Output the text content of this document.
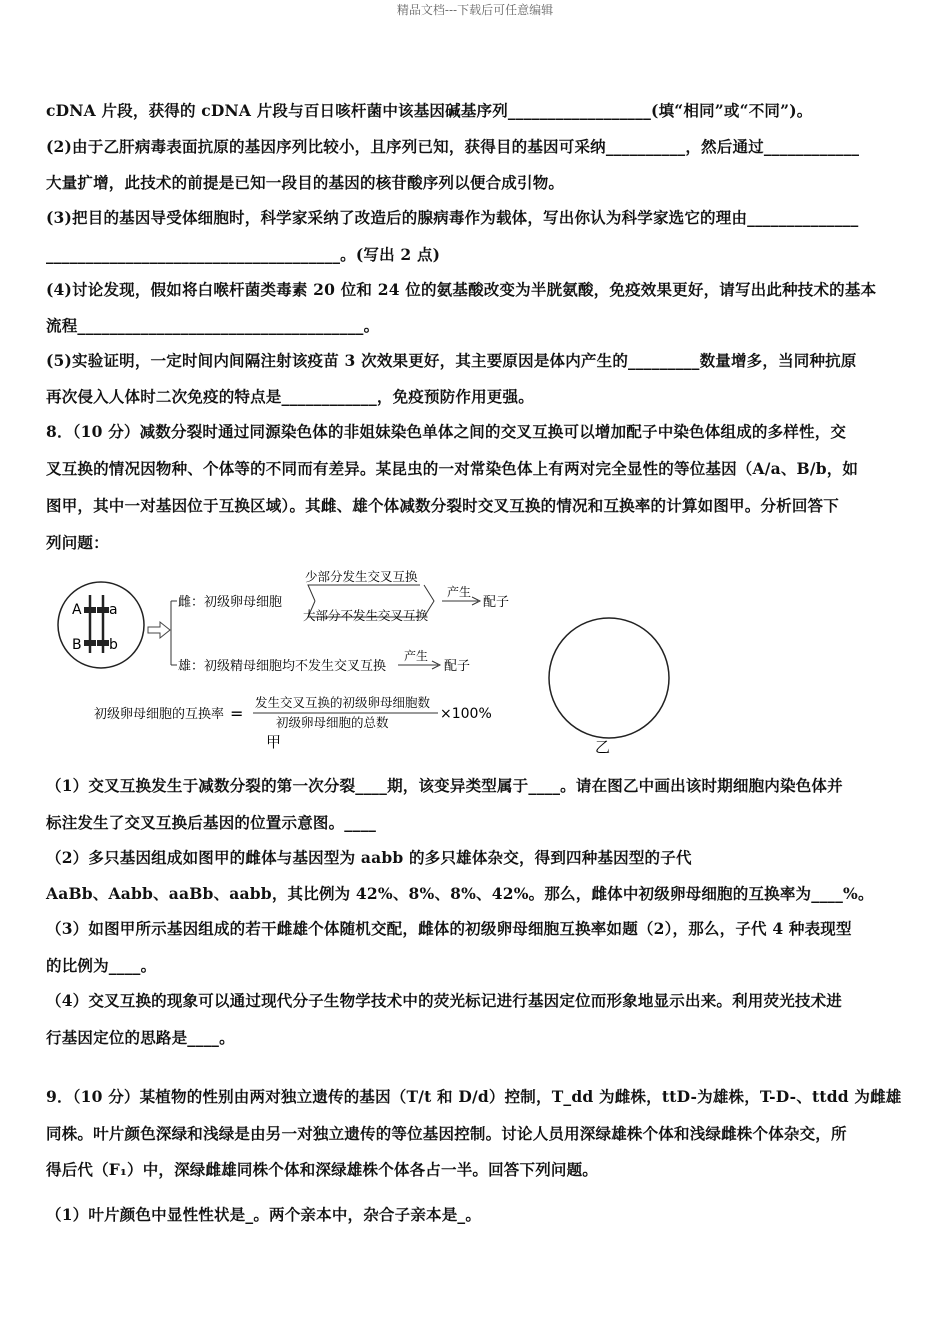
精品文档---下载后可任意编辑
cDNA 片段，获得的 cDNA 片段与百日咳杆菌中该基因碱基序列__________________(填“相同”或“不同”)。
(2)由于乙肝病毒表面抗原的基因序列比较小，且序列已知，获得目的基因可采纳__________，然后通过____________
大量扩增，此技术的前提是已知一段目的基因的核苷酸序列以便合成引物。
(3)把目的基因导受体细胞时，科学家采纳了改造后的腺病毒作为载体，写出你认为科学家选它的理由______________
_____________________________________。(写出 2 点)
(4)讨论发现，假如将白喉杆菌类毒素 20 位和 24 位的氨基酸改变为半胱氨酸，免疫效果更好，请写出此种技术的基本
流程____________________________________。
(5)实验证明，一定时间内间隔注射该疫苗 3 次效果更好，其主要原因是体内产生的_________数量增多，当同种抗原
再次侵入人体时二次免疫的特点是____________，免疫预防作用更强。
8．（10 分）减数分裂时通过同源染色体的非姐妹染色单体之间的交叉互换可以增加配子中染色体组成的多样性，交
叉互换的情况因物种、个体等的不同而有差异。某昆虫的一对常染色体上有两对完全显性的等位基因（A/a、B/b，如
图甲，其中一对基因位于互换区域）。其雌、雄个体减数分裂时交叉互换的情况和互换率的计算如图甲。分析回答下
列问题：
A a
B b
雌：初级卵母细胞
少部分发生交叉互换
大部分不发生交叉互换
产生
配子
雄：初级精母细胞均不发生交叉互换
产生
配子
初级卵母细胞的互换率 =
发生交叉互换的初级卵母细胞数
初级卵母细胞的总数
×100%
甲	乙
（1）交叉互换发生于减数分裂的第一次分裂____期，该变异类型属于____。请在图乙中画出该时期细胞内染色体并
标注发生了交叉互换后基因的位置示意图。____
（2）多只基因组成如图甲的雌体与基因型为 aabb 的多只雄体杂交，得到四种基因型的子代
AaBb、Aabb、aaBb、aabb，其比例为 42%、8%、8%、42%。那么，雌体中初级卵母细胞的互换率为____%。
（3）如图甲所示基因组成的若干雌雄个体随机交配，雌体的初级卵母细胞互换率如题（2），那么，子代 4 种表现型
的比例为____。
（4）交叉互换的现象可以通过现代分子生物学技术中的荧光标记进行基因定位而形象地显示出来。利用荧光技术进
行基因定位的思路是____。
9．（10 分）某植物的性别由两对独立遗传的基因（T/t 和 D/d）控制，T_dd 为雌株，ttD-为雄株，T-D-、ttdd 为雌雄
同株。叶片颜色深绿和浅绿是由另一对独立遗传的等位基因控制。讨论人员用深绿雄株个体和浅绿雌株个体杂交，所
得后代（F₁）中，深绿雌雄同株个体和深绿雄株个体各占一半。回答下列问题。
（1）叶片颜色中显性性状是_。两个亲本中，杂合子亲本是_。
